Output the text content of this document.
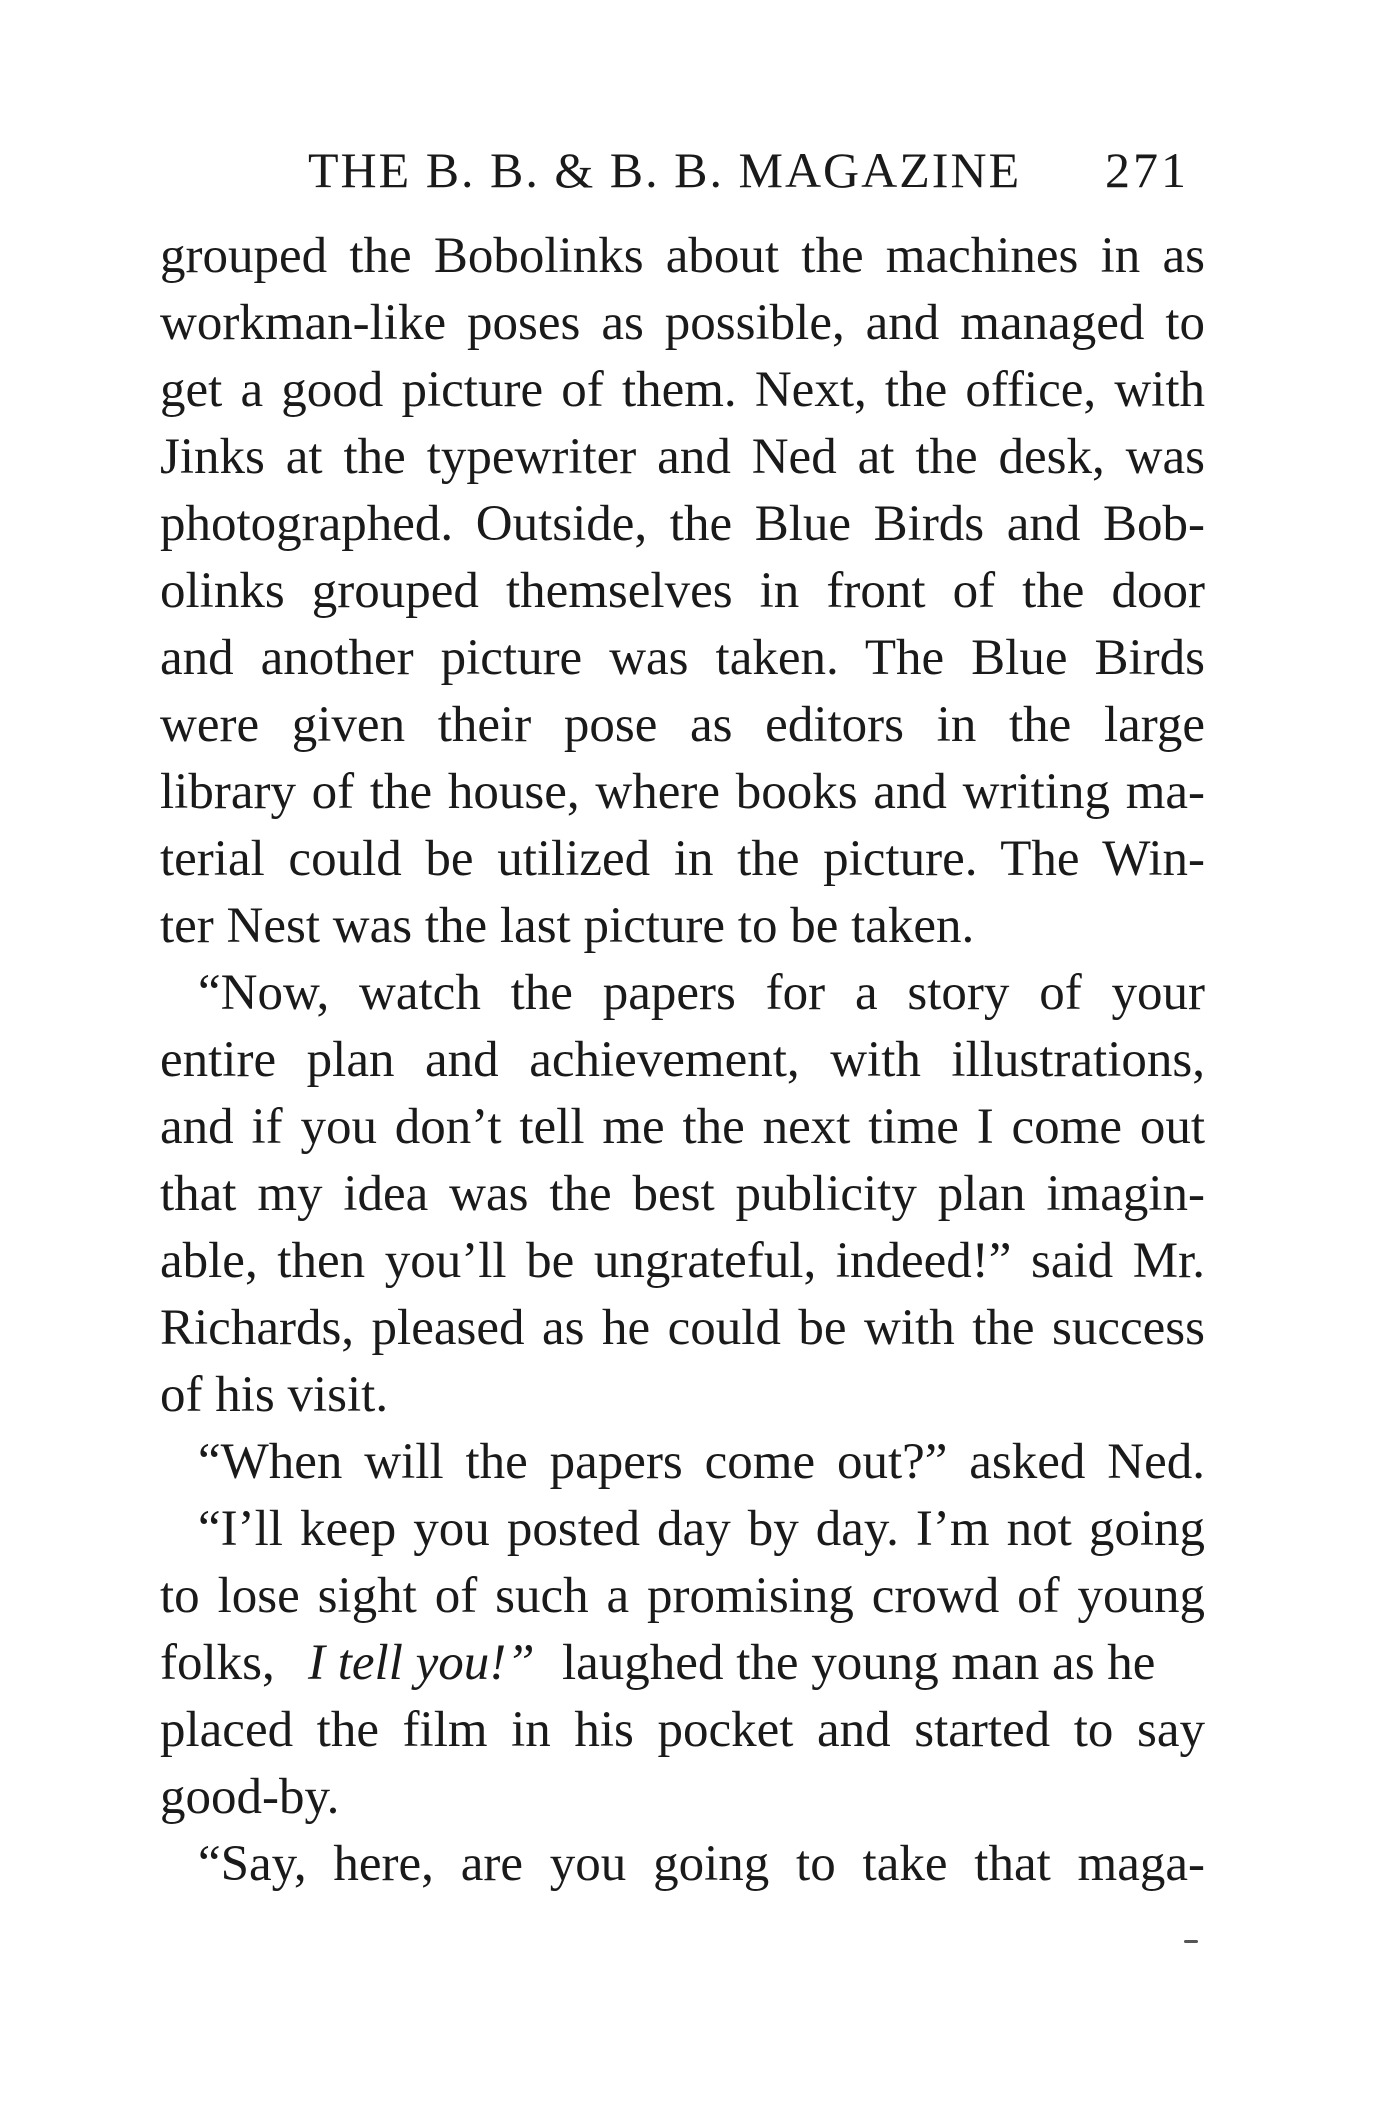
THE B. B. & B. B. MAGAZINE 271
grouped the Bobolinks about the machines in as
workman-like poses as possible, and managed to
get a good picture of them. Next, the office, with
Jinks at the typewriter and Ned at the desk, was
photographed. Outside, the Blue Birds and Bob-
olinks grouped themselves in front of the door
and another picture was taken. The Blue Birds
were given their pose as editors in the large
library of the house, where books and writing ma-
terial could be utilized in the picture. The Win-
ter Nest was the last picture to be taken.
“Now, watch the papers for a story of your
entire plan and achievement, with illustrations,
and if you don’t tell me the next time I come out
that my idea was the best publicity plan imagin-
able, then you’ll be ungrateful, indeed!” said Mr.
Richards, pleased as he could be with the success
of his visit.
“When will the papers come out?” asked Ned.
“I’ll keep you posted day by day. I’m not going
to lose sight of such a promising crowd of young
folks, I tell you!” laughed the young man as he
placed the film in his pocket and started to say
good-by.
“Say, here, are you going to take that maga-
